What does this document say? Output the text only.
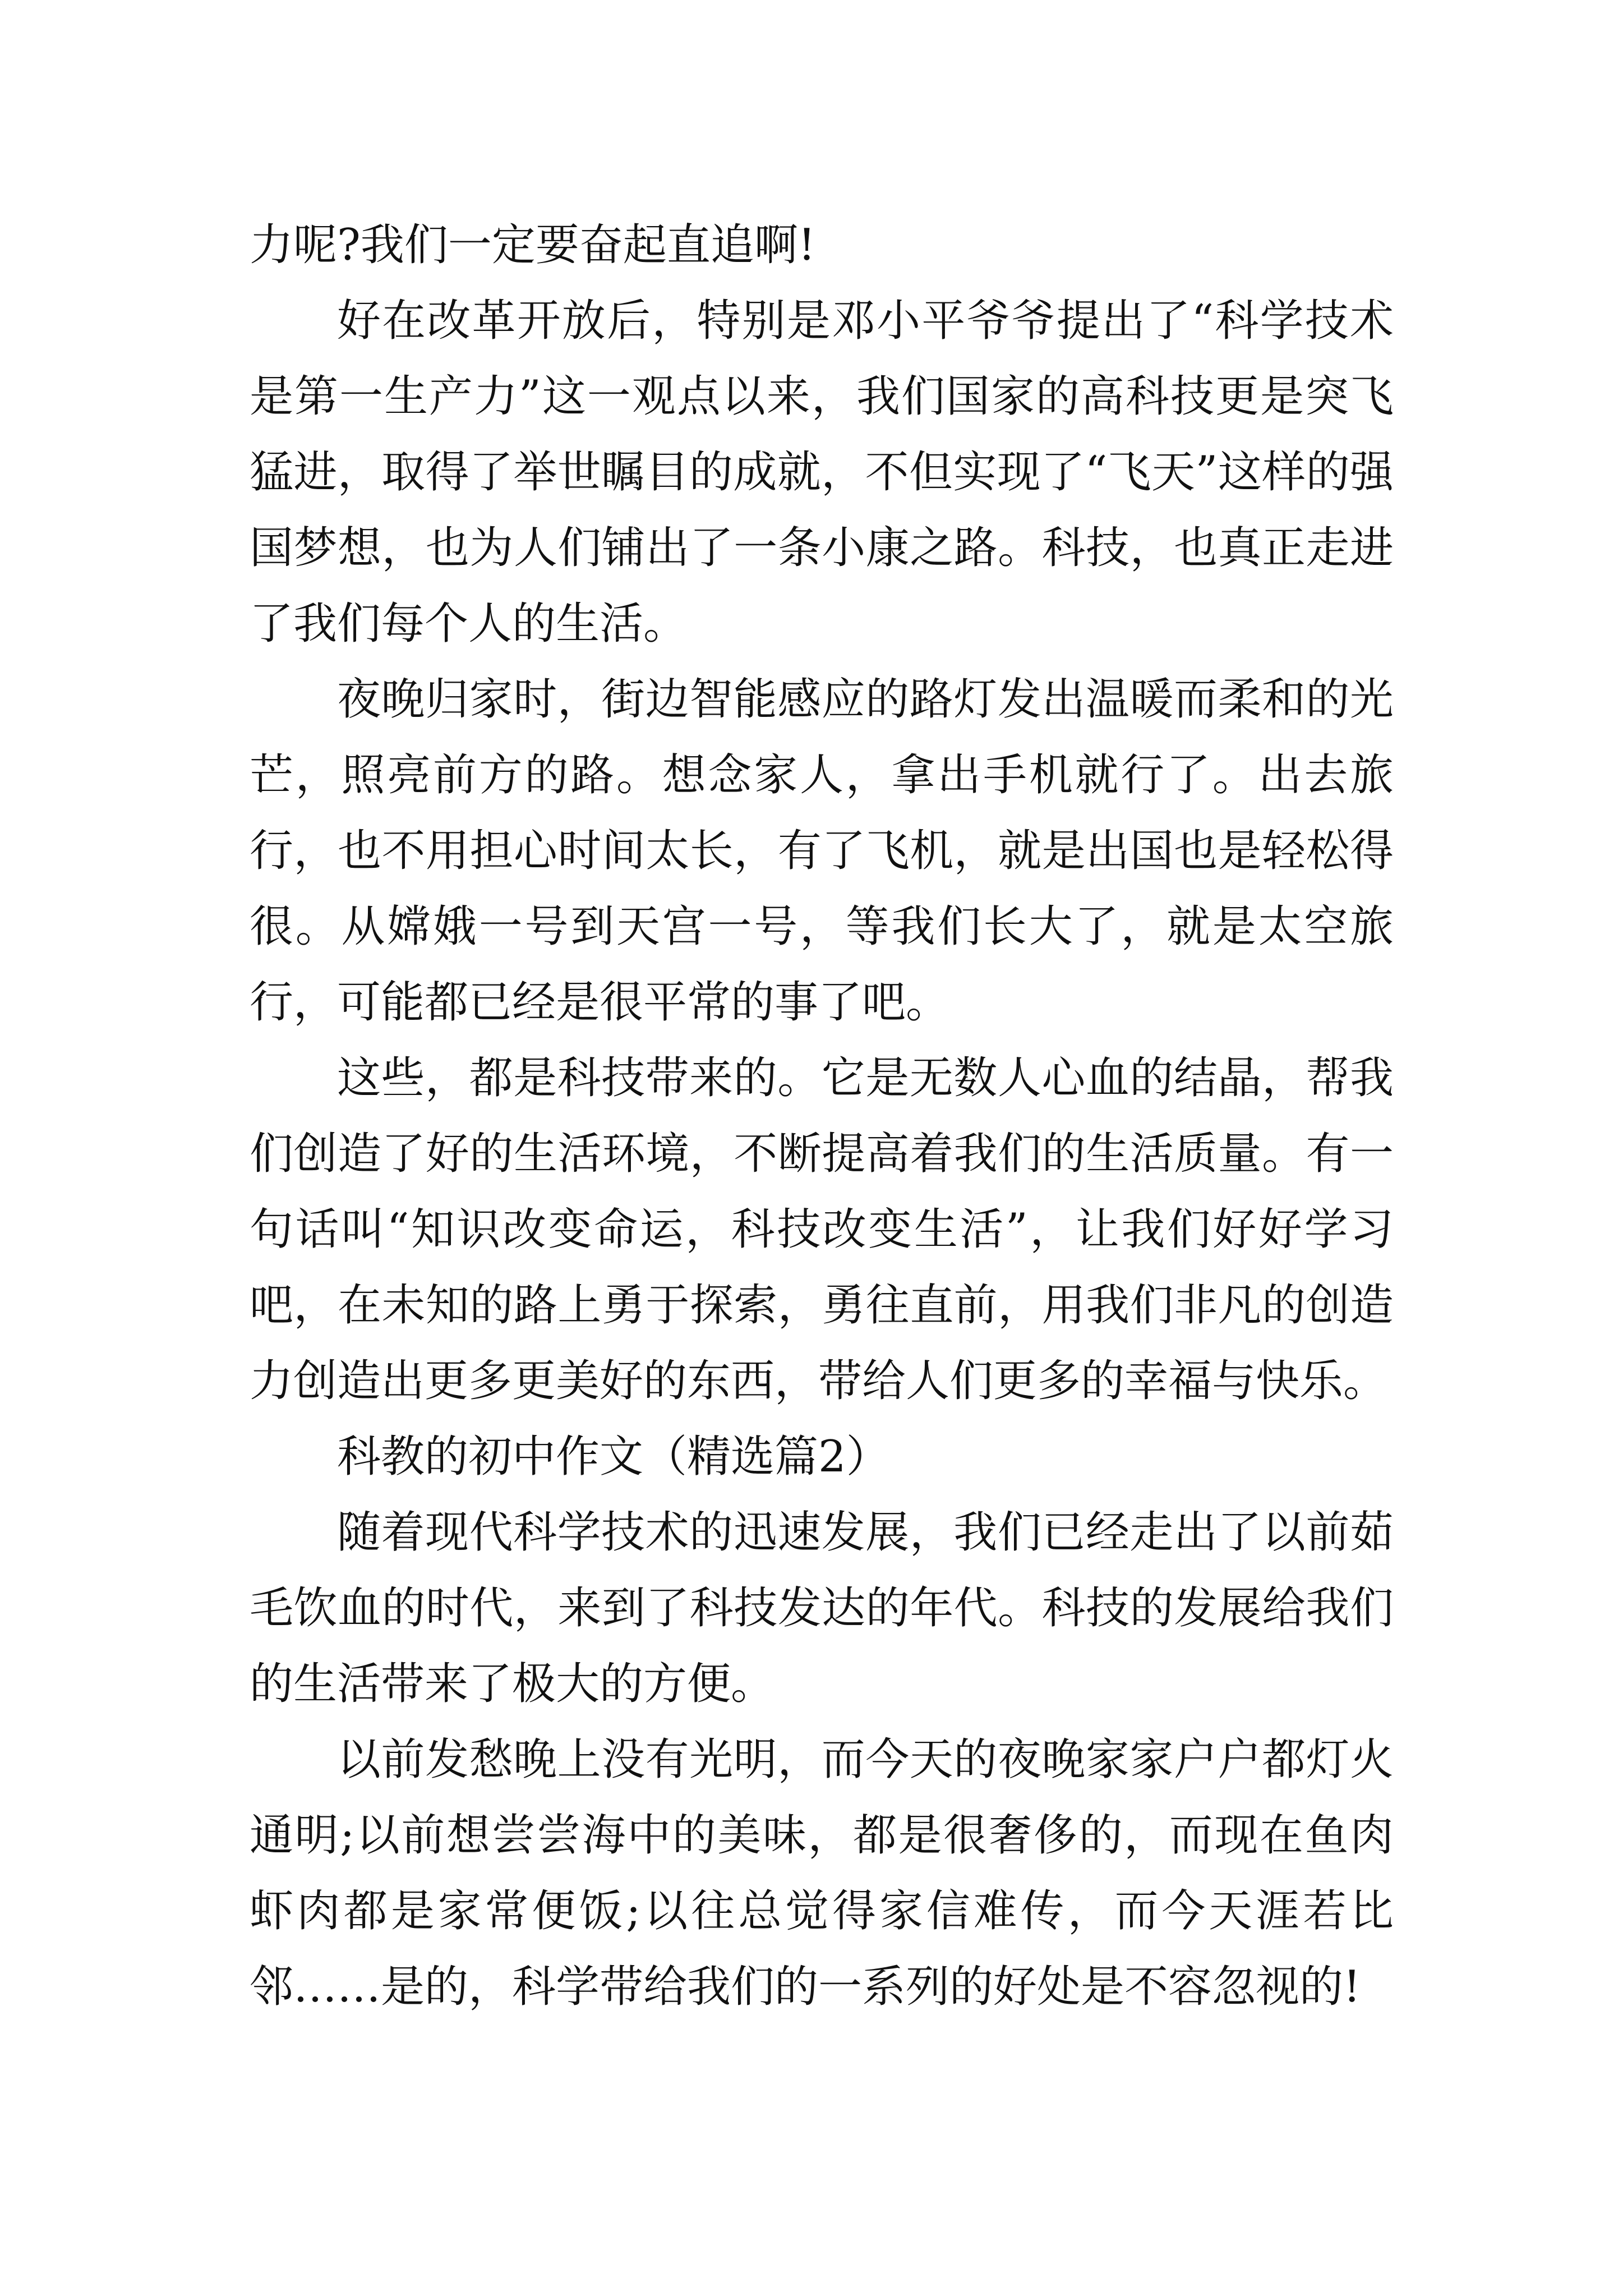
力呢?我们一定要奋起直追啊!

好在改革开放后，特别是邓小平爷爷提出了“科学技术是第一生产力”这一观点以来，我们国家的高科技更是突飞猛进，取得了举世瞩目的成就，不但实现了“飞天”这样的强国梦想，也为人们铺出了一条小康之路。科技，也真正走进了我们每个人的生活。

夜晚归家时，街边智能感应的路灯发出温暖而柔和的光芒，照亮前方的路。想念家人，拿出手机就行了。出去旅行，也不用担心时间太长，有了飞机，就是出国也是轻松得很。从嫦娥一号到天宫一号，等我们长大了，就是太空旅行，可能都已经是很平常的事了吧。

这些，都是科技带来的。它是无数人心血的结晶，帮我们创造了好的生活环境，不断提高着我们的生活质量。有一句话叫“知识改变命运，科技改变生活”，让我们好好学习吧，在未知的路上勇于探索，勇往直前，用我们非凡的创造力创造出更多更美好的东西，带给人们更多的幸福与快乐。

科教的初中作文（精选篇2）

随着现代科学技术的迅速发展，我们已经走出了以前茹毛饮血的时代，来到了科技发达的年代。科技的发展给我们的生活带来了极大的方便。

以前发愁晚上没有光明，而今天的夜晚家家户户都灯火通明;以前想尝尝海中的美味，都是很奢侈的，而现在鱼肉虾肉都是家常便饭;以往总觉得家信难传，而今天涯若比邻……是的，科学带给我们的一系列的好处是不容忽视的!
